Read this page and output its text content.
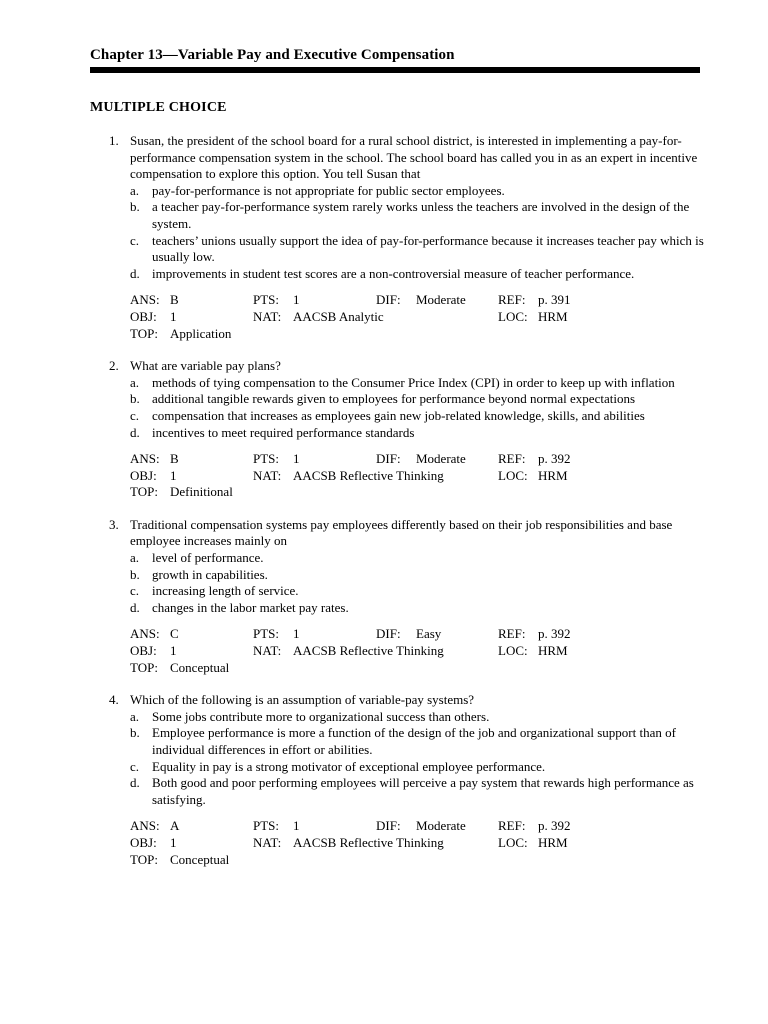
Chapter 13—Variable Pay and Executive Compensation
MULTIPLE CHOICE
1. Susan, the president of the school board for a rural school district, is interested in implementing a pay-for-performance compensation system in the school. The school board has called you in as an expert in incentive compensation to explore this option. You tell Susan that

a. pay-for-performance is not appropriate for public sector employees.
b. a teacher pay-for-performance system rarely works unless the teachers are involved in the design of the system.
c. teachers’ unions usually support the idea of pay-for-performance because it increases teacher pay which is usually low.
d. improvements in student test scores are a non-controversial measure of teacher performance.
ANS: B	PTS: 1	DIF: Moderate REF: p. 391
OBJ: 1	NAT: AACSB Analytic	LOC: HRM
TOP: Application
2. What are variable pay plans?

a. methods of tying compensation to the Consumer Price Index (CPI) in order to keep up with inflation
b. additional tangible rewards given to employees for performance beyond normal expectations
c. compensation that increases as employees gain new job-related knowledge, skills, and abilities
d. incentives to meet required performance standards
ANS: B	PTS: 1	DIF: Moderate REF: p. 392
OBJ: 1	NAT: AACSB Reflective Thinking	LOC: HRM
TOP: Definitional
3. Traditional compensation systems pay employees differently based on their job responsibilities and base employee increases mainly on

a. level of performance.
b. growth in capabilities.
c. increasing length of service.
d. changes in the labor market pay rates.
ANS: C	PTS: 1	DIF: Easy	REF: p. 392
OBJ: 1	NAT: AACSB Reflective Thinking	LOC: HRM
TOP: Conceptual
4. Which of the following is an assumption of variable-pay systems?

a. Some jobs contribute more to organizational success than others.
b. Employee performance is more a function of the design of the job and organizational support than of individual differences in effort or abilities.
c. Equality in pay is a strong motivator of exceptional employee performance.
d. Both good and poor performing employees will perceive a pay system that rewards high performance as satisfying.
ANS: A	PTS: 1	DIF: Moderate REF: p. 392
OBJ: 1	NAT: AACSB Reflective Thinking	LOC: HRM
TOP: Conceptual
